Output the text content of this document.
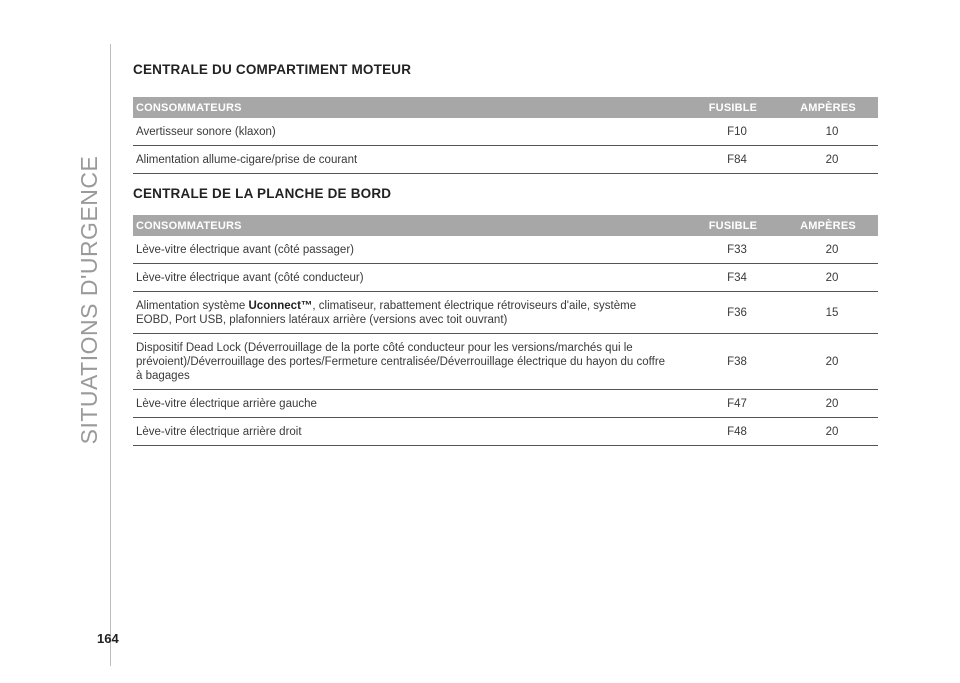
SITUATIONS D'URGENCE
CENTRALE DU COMPARTIMENT MOTEUR
CONSOMMATEURS	FUSIBLE	AMPÈRES
Avertisseur sonore (klaxon)	F10	10
Alimentation allume-cigare/prise de courant	F84	20
CENTRALE DE LA PLANCHE DE BORD
CONSOMMATEURS	FUSIBLE	AMPÈRES
Lève-vitre électrique avant (côté passager)	F33	20
Lève-vitre électrique avant (côté conducteur)	F34	20
Alimentation système Uconnect™, climatiseur, rabattement électrique rétroviseurs d'aile, système EOBD, Port USB, plafonniers latéraux arrière (versions avec toit ouvrant)	F36	15
Dispositif Dead Lock (Déverrouillage de la porte côté conducteur pour les versions/marchés qui le prévoient)/Déverrouillage des portes/Fermeture centralisée/Déverrouillage électrique du hayon du coffre à bagages	F38	20
Lève-vitre électrique arrière gauche	F47	20
Lève-vitre électrique arrière droit	F48	20
164
